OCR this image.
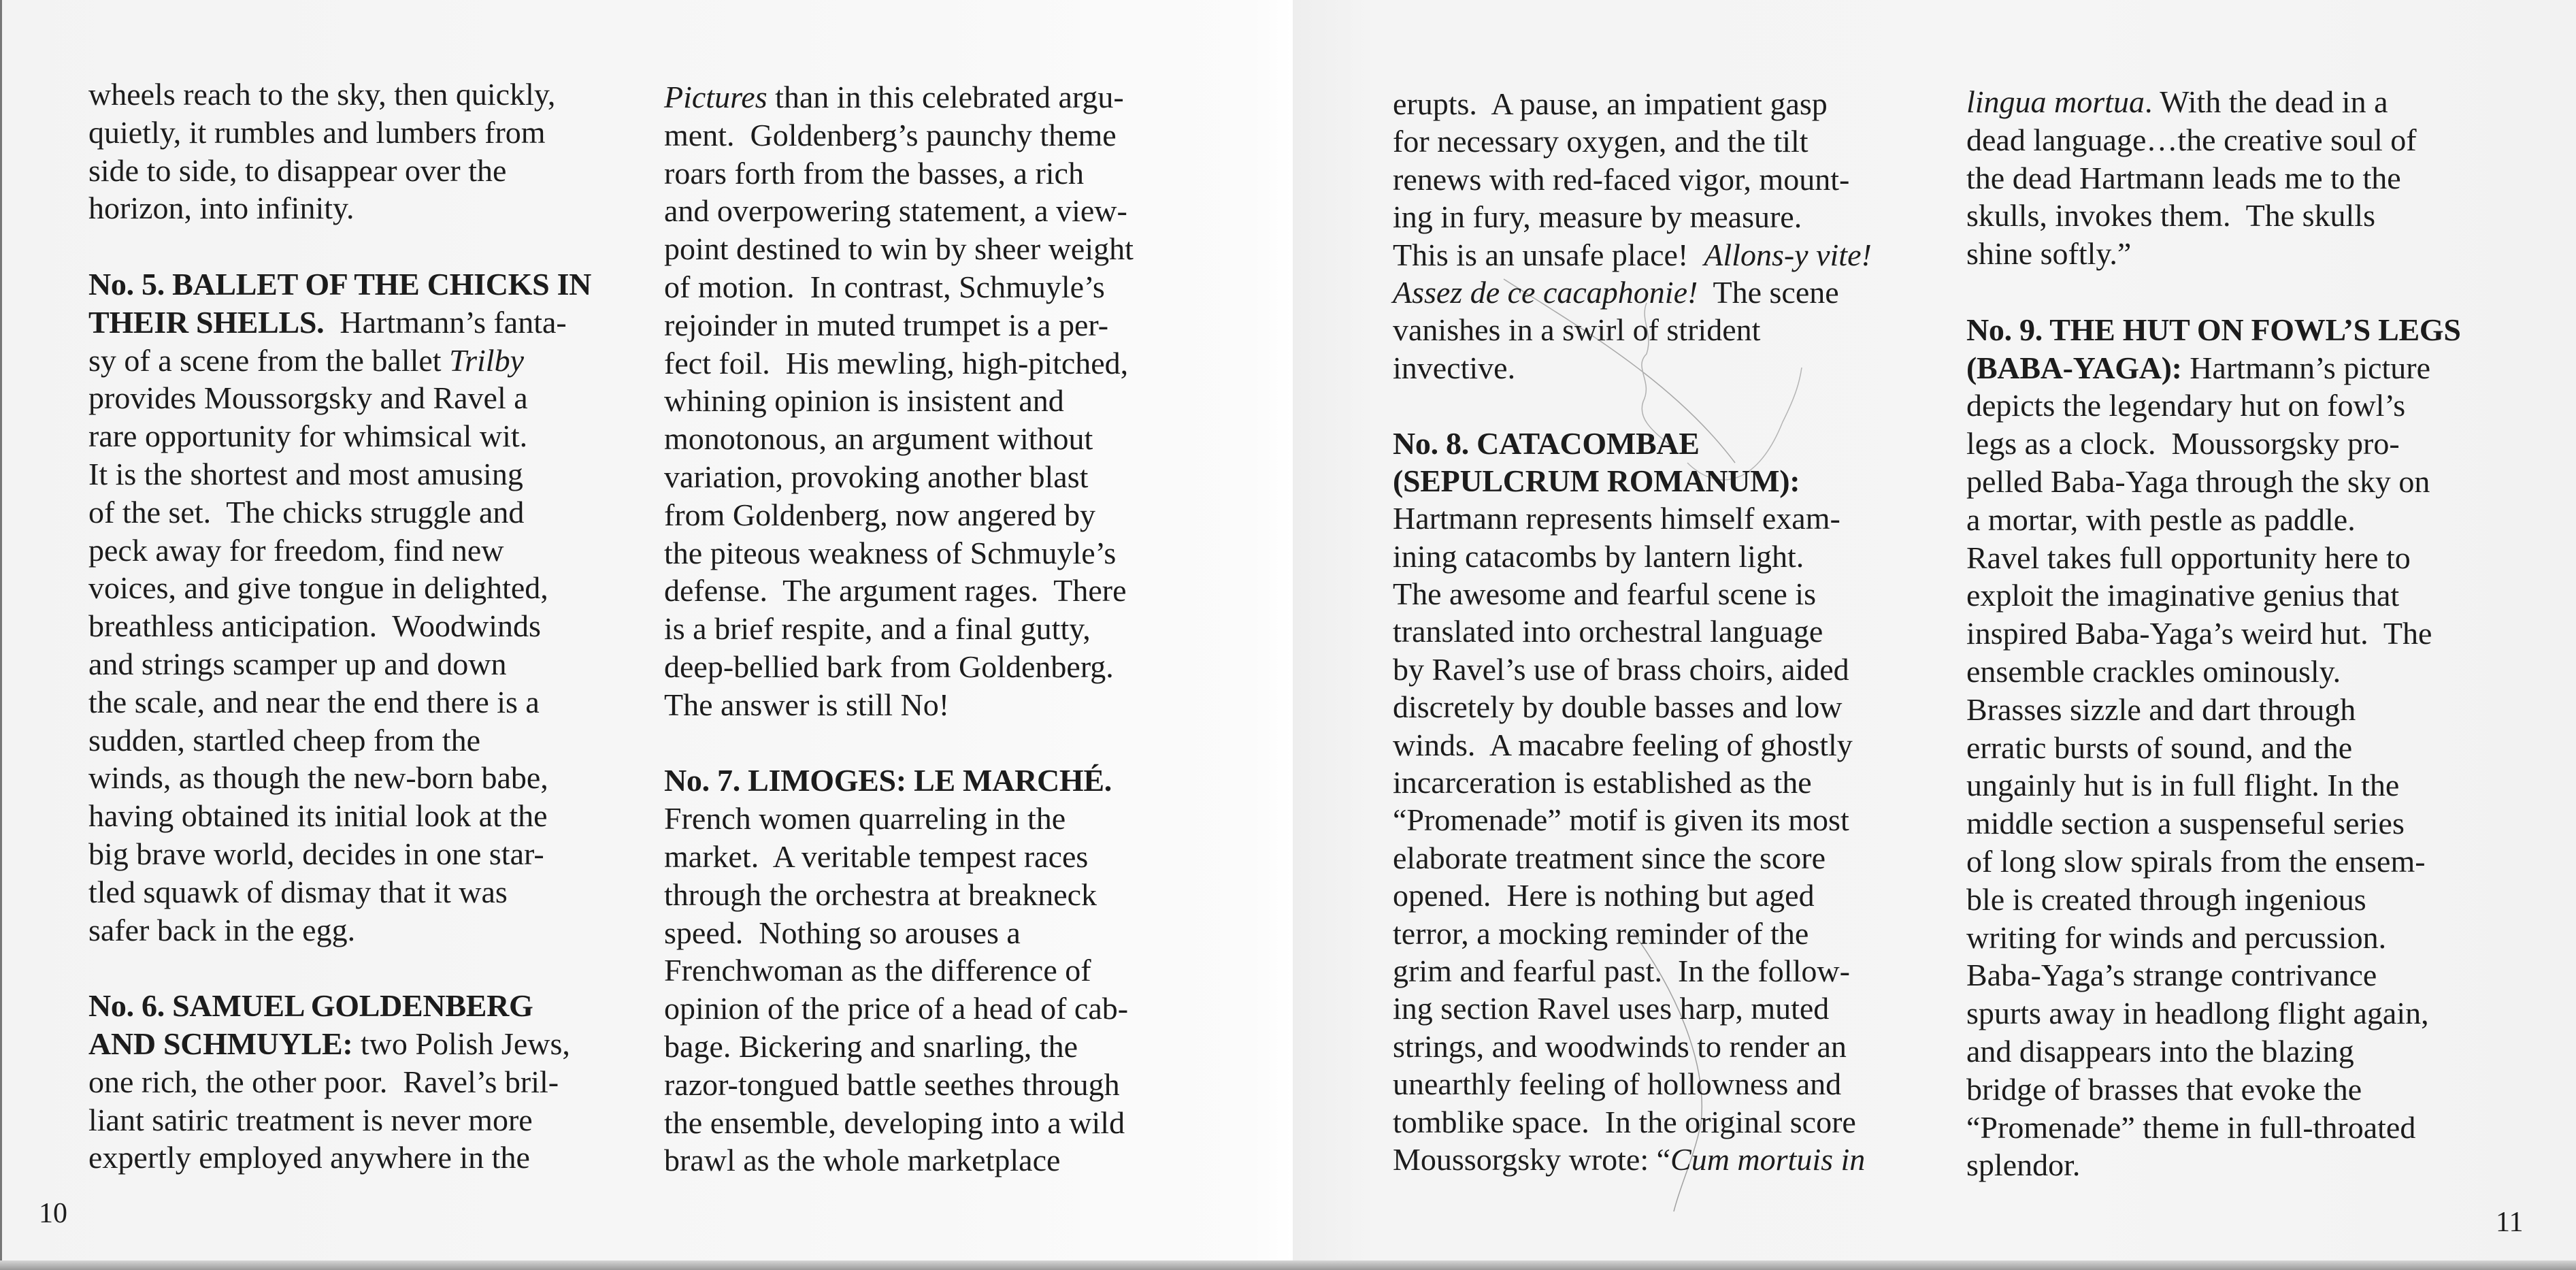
wheels reach to the sky, then quickly,
quietly, it rumbles and lumbers from
side to side, to disappear over the
horizon, into infinity.
No. 5. BALLET OF THE CHICKS IN
THEIR SHELLS.  Hartmann’s fanta-
sy of a scene from the ballet Trilby
provides Moussorgsky and Ravel a
rare opportunity for whimsical wit.
It is the shortest and most amusing
of the set.  The chicks struggle and
peck away for freedom, find new
voices, and give tongue in delighted,
breathless anticipation.  Woodwinds
and strings scamper up and down
the scale, and near the end there is a
sudden, startled cheep from the
winds, as though the new-born babe,
having obtained its initial look at the
big brave world, decides in one star-
tled squawk of dismay that it was
safer back in the egg.
No. 6. SAMUEL GOLDENBERG
AND SCHMUYLE: two Polish Jews,
one rich, the other poor.  Ravel’s bril-
liant satiric treatment is never more
expertly employed anywhere in the
Pictures than in this celebrated argu-
ment.  Goldenberg’s paunchy theme
roars forth from the basses, a rich
and overpowering statement, a view-
point destined to win by sheer weight
of motion.  In contrast, Schmuyle’s
rejoinder in muted trumpet is a per-
fect foil.  His mewling, high-pitched,
whining opinion is insistent and
monotonous, an argument without
variation, provoking another blast
from Goldenberg, now angered by
the piteous weakness of Schmuyle’s
defense.  The argument rages.  There
is a brief respite, and a final gutty,
deep-bellied bark from Goldenberg.
The answer is still No!
No. 7. LIMOGES: LE MARCHÉ.
French women quarreling in the
market.  A veritable tempest races
through the orchestra at breakneck
speed.  Nothing so arouses a
Frenchwoman as the difference of
opinion of the price of a head of cab-
bage. Bickering and snarling, the
razor-tongued battle seethes through
the ensemble, developing into a wild
brawl as the whole marketplace
erupts.  A pause, an impatient gasp
for necessary oxygen, and the tilt
renews with red-faced vigor, mount-
ing in fury, measure by measure.
This is an unsafe place!  Allons-y vite!
Assez de ce cacaphonie!  The scene
vanishes in a swirl of strident
invective.
No. 8. CATACOMBAE
(SEPULCRUM ROMANUM):
Hartmann represents himself exam-
ining catacombs by lantern light.
The awesome and fearful scene is
translated into orchestral language
by Ravel’s use of brass choirs, aided
discretely by double basses and low
winds.  A macabre feeling of ghostly
incarceration is established as the
“Promenade” motif is given its most
elaborate treatment since the score
opened.  Here is nothing but aged
terror, a mocking reminder of the
grim and fearful past.  In the follow-
ing section Ravel uses harp, muted
strings, and woodwinds to render an
unearthly feeling of hollowness and
tomblike space.  In the original score
Moussorgsky wrote: “Cum mortuis in
lingua mortua. With the dead in a
dead language…the creative soul of
the dead Hartmann leads me to the
skulls, invokes them.  The skulls
shine softly.”
No. 9. THE HUT ON FOWL’S LEGS
(BABA-YAGA): Hartmann’s picture
depicts the legendary hut on fowl’s
legs as a clock.  Moussorgsky pro-
pelled Baba-Yaga through the sky on
a mortar, with pestle as paddle.
Ravel takes full opportunity here to
exploit the imaginative genius that
inspired Baba-Yaga’s weird hut.  The
ensemble crackles ominously.
Brasses sizzle and dart through
erratic bursts of sound, and the
ungainly hut is in full flight. In the
middle section a suspenseful series
of long slow spirals from the ensem-
ble is created through ingenious
writing for winds and percussion.
Baba-Yaga’s strange contrivance
spurts away in headlong flight again,
and disappears into the blazing
bridge of brasses that evoke the
“Promenade” theme in full-throated
splendor.
10	11
